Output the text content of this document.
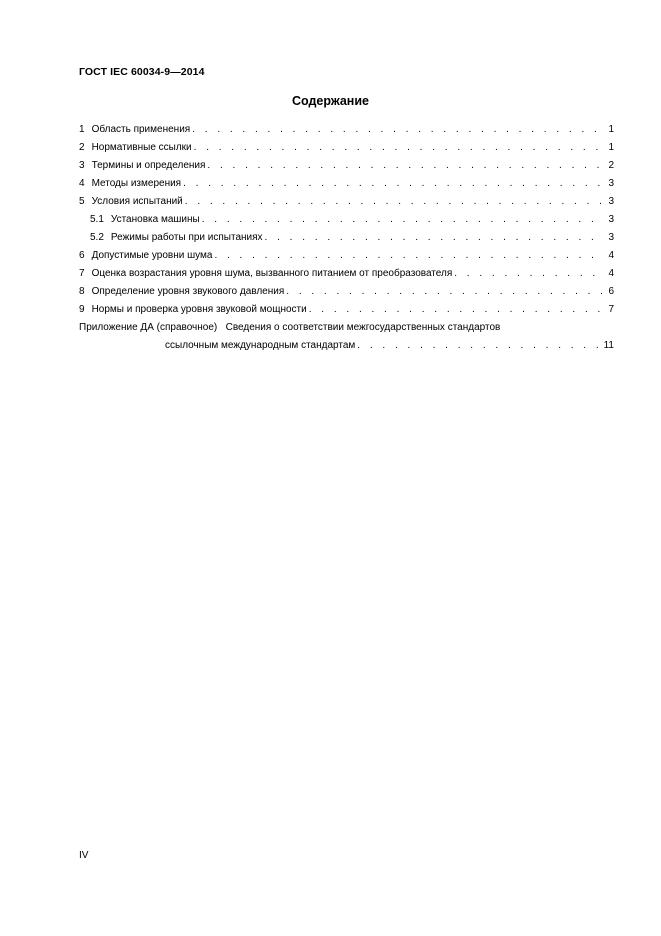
ГОСТ IEC 60034-9—2014
Содержание
1 Область применения . . .	1
2 Нормативные ссылки . . .	1
3 Термины и определения . . .	2
4 Методы измерения . . .	3
5 Условия испытаний . . .	3
5.1 Установка машины . . .	3
5.2 Режимы работы при испытаниях . . .	3
6 Допустимые уровни шума . . .	4
7 Оценка возрастания уровня шума, вызванного питанием от преобразователя . . .	4
8 Определение уровня звукового давления . . .	6
9 Нормы и проверка уровня звуковой мощности . . .	7
Приложение ДА (справочное) Сведения о соответствии межгосударственных стандартов
ссылочным международным стандартам . . .	11
IV
